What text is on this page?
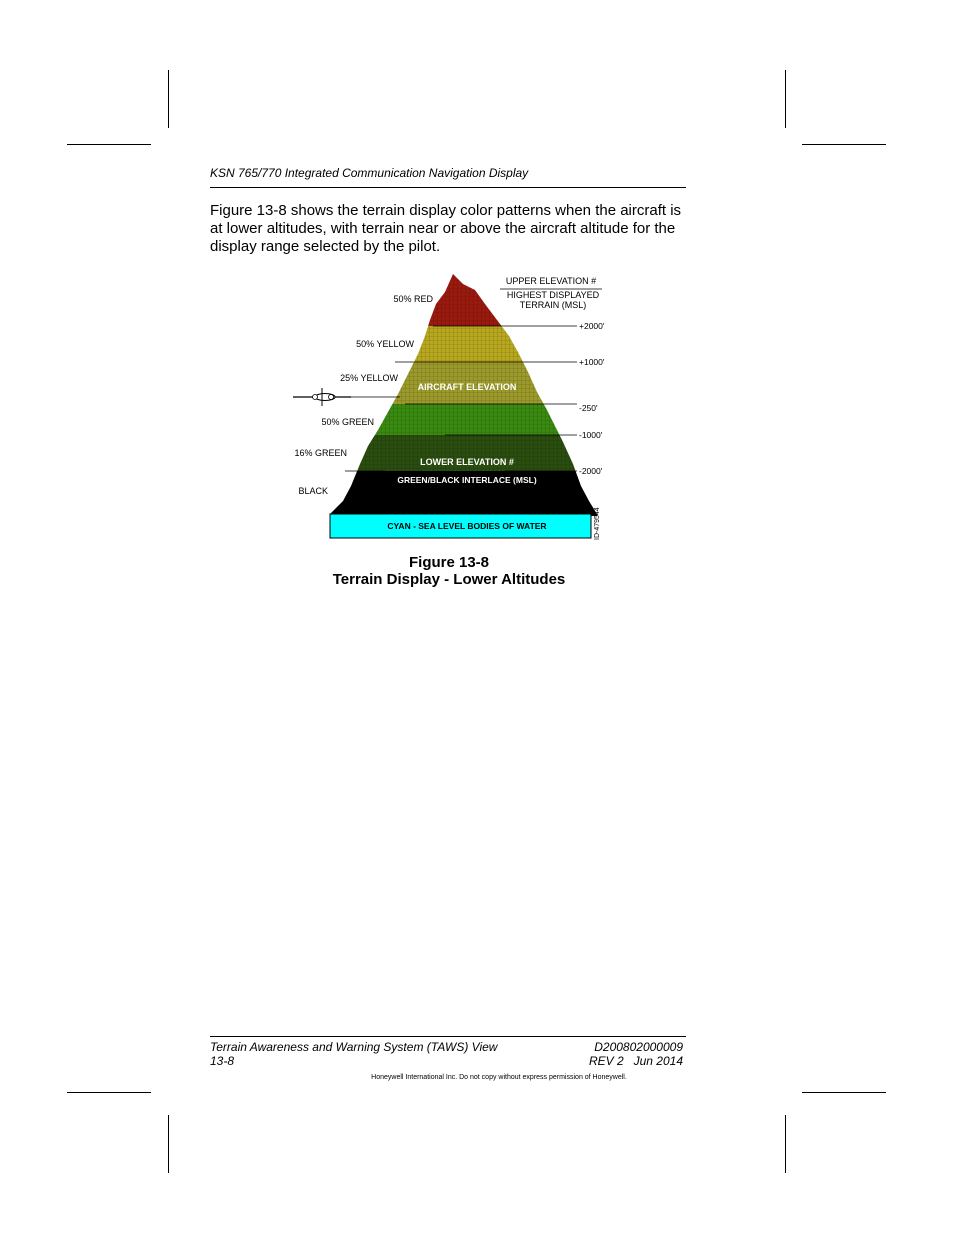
KSN 765/770 Integrated Communication Navigation Display
Figure 13-8 shows the terrain display color patterns when the aircraft is at lower altitudes, with terrain near or above the aircraft altitude for the display range selected by the pilot.
50% RED
50% YELLOW
25% YELLOW
50% GREEN
16% GREEN
BLACK
UPPER ELEVATION #
HIGHEST DISPLAYED
TERRAIN (MSL)
+2000'
+1000'
-250'
-1000'
-2000'
AIRCRAFT ELEVATION
LOWER ELEVATION #
GREEN/BLACK INTERLACE (MSL)
CYAN - SEA LEVEL BODIES OF WATER	ID-479544
Figure 13-8
Terrain Display - Lower Altitudes
Terrain Awareness and Warning System (TAWS) View
13-8
D200802000009
REV 2   Jun 2014
Honeywell International Inc. Do not copy without express permission of Honeywell.
